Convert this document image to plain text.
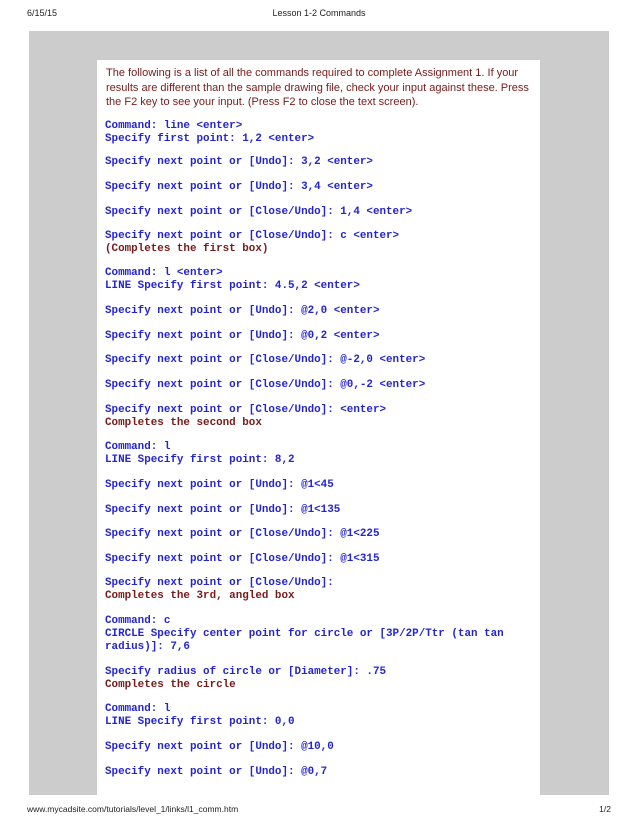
6/15/15	Lesson 1-2 Commands

The following is a list of all the commands required to complete Assignment 1. If your results are different than the sample drawing file, check your input against these. Press the F2 key to see your input. (Press F2 to close the text screen).

Command: line <enter>

Specify first point: 1,2 <enter>

Specify next point or [Undo]: 3,2 <enter>

Specify next point or [Undo]: 3,4 <enter>

Specify next point or [Close/Undo]: 1,4 <enter>

Specify next point or [Close/Undo]: c <enter>

(Completes the first box)

Command: l <enter>

LINE Specify first point: 4.5,2 <enter>

Specify next point or [Undo]: @2,0 <enter>

Specify next point or [Undo]: @0,2 <enter>

Specify next point or [Close/Undo]: @-2,0 <enter>

Specify next point or [Close/Undo]: @0,-2 <enter>

Specify next point or [Close/Undo]: <enter>

Completes the second box

Command: l

LINE Specify first point: 8,2

Specify next point or [Undo]: @1<45

Specify next point or [Undo]: @1<135

Specify next point or [Close/Undo]: @1<225

Specify next point or [Close/Undo]: @1<315

Specify next point or [Close/Undo]:

Completes the 3rd, angled box

Command: c

CIRCLE Specify center point for circle or [3P/2P/Ttr (tan tan

radius)]: 7,6

Specify radius of circle or [Diameter]: .75

Completes the circle

Command: l

LINE Specify first point: 0,0

Specify next point or [Undo]: @10,0

Specify next point or [Undo]: @0,7

www.mycadsite.com/tutorials/level_1/links/l1_comm.htm	1/2
